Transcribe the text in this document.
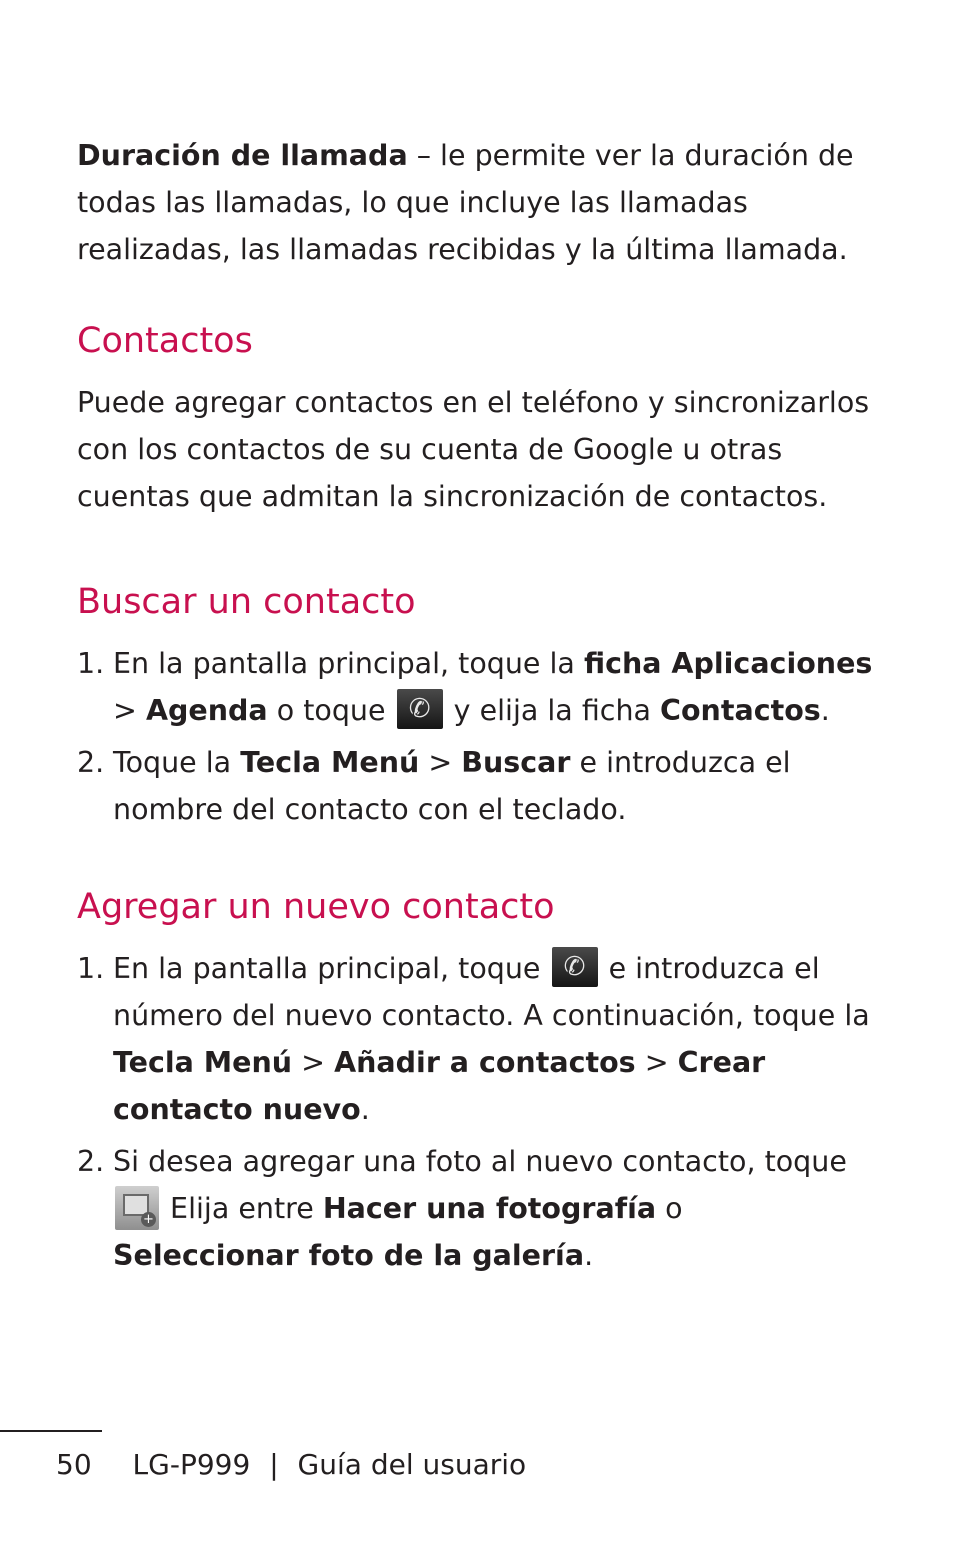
Duración de llamada – le permite ver la duración de todas las llamadas, lo que incluye las llamadas realizadas, las llamadas recibidas y la última llamada.

Contactos

Puede agregar contactos en el teléfono y sincronizarlos con los contactos de su cuenta de Google u otras cuentas que admitan la sincronización de contactos.

Buscar un contacto
1. En la pantalla principal, toque la ficha Aplicaciones > Agenda o toque ✆ y elija la ficha Contactos.
2. Toque la Tecla Menú > Buscar e introduzca el nombre del contacto con el teclado.
Agregar un nuevo contacto
1. En la pantalla principal, toque ✆ e introduzca el número del nuevo contacto. A continuación, toque la Tecla Menú > Añadir a contactos > Crear contacto nuevo.
2. Si desea agregar una foto al nuevo contacto, toque
+ Elija entre Hacer una fotografía o Seleccionar foto de la galería.
50 LG-P999 | Guía del usuario
